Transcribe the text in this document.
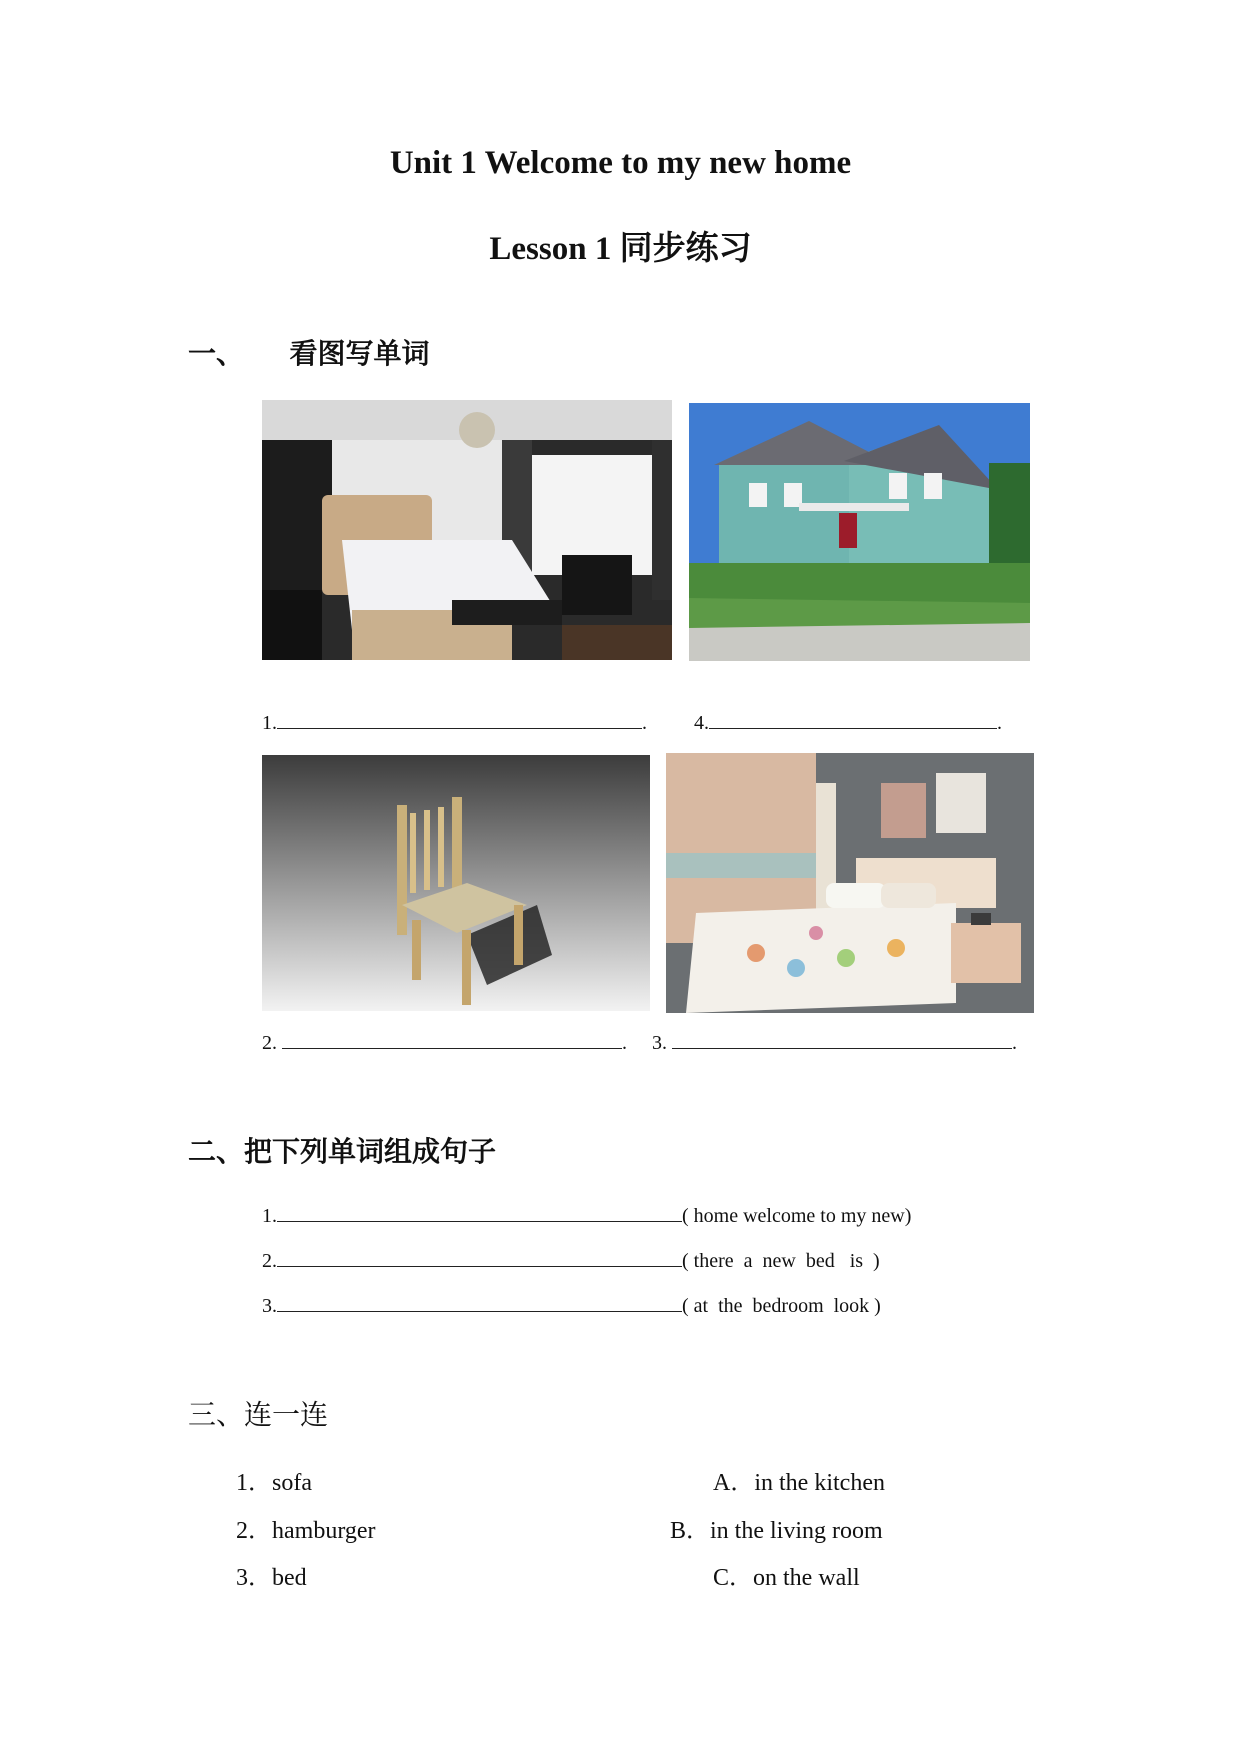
Unit 1 Welcome to my new home
Lesson 1 同步练习
一、 看图写单词
1.	. 4.	.
2.	. 3.	.
二、把下列单词组成句子
1.	( home welcome to my new)
2.	( there  a  new  bed   is  )
3.	( at  the  bedroom  look )
三、连一连
1．sofa
2．hamburger
3．bed
A．in the kitchen
B．in the living room
C．on the wall
